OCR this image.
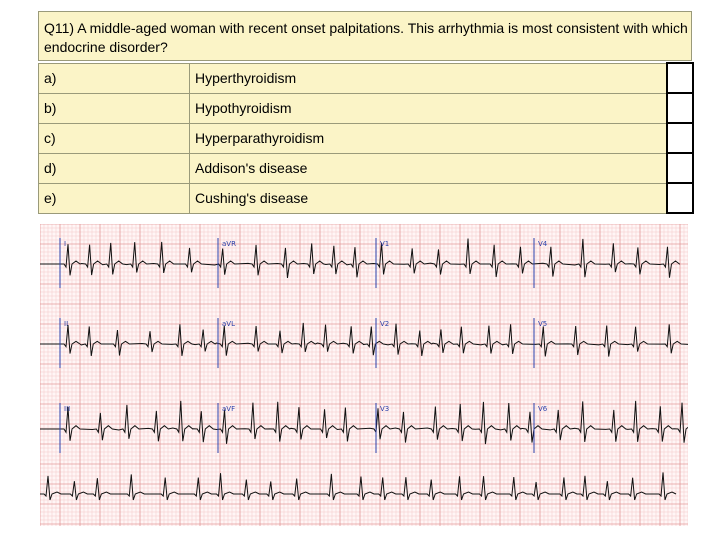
Q11) A middle-aged woman with recent onset palpitations. This arrhythmia is most consistent with which endocrine disorder?
a)	Hyperthyroidism	
b)	Hypothyroidism	
c)	Hyperparathyroidism	
d)	Addison's disease	
e)	Cushing's disease	
I	aVR	V1	V4
II	aVL	V2	V5
III	aVF	V3	V6
